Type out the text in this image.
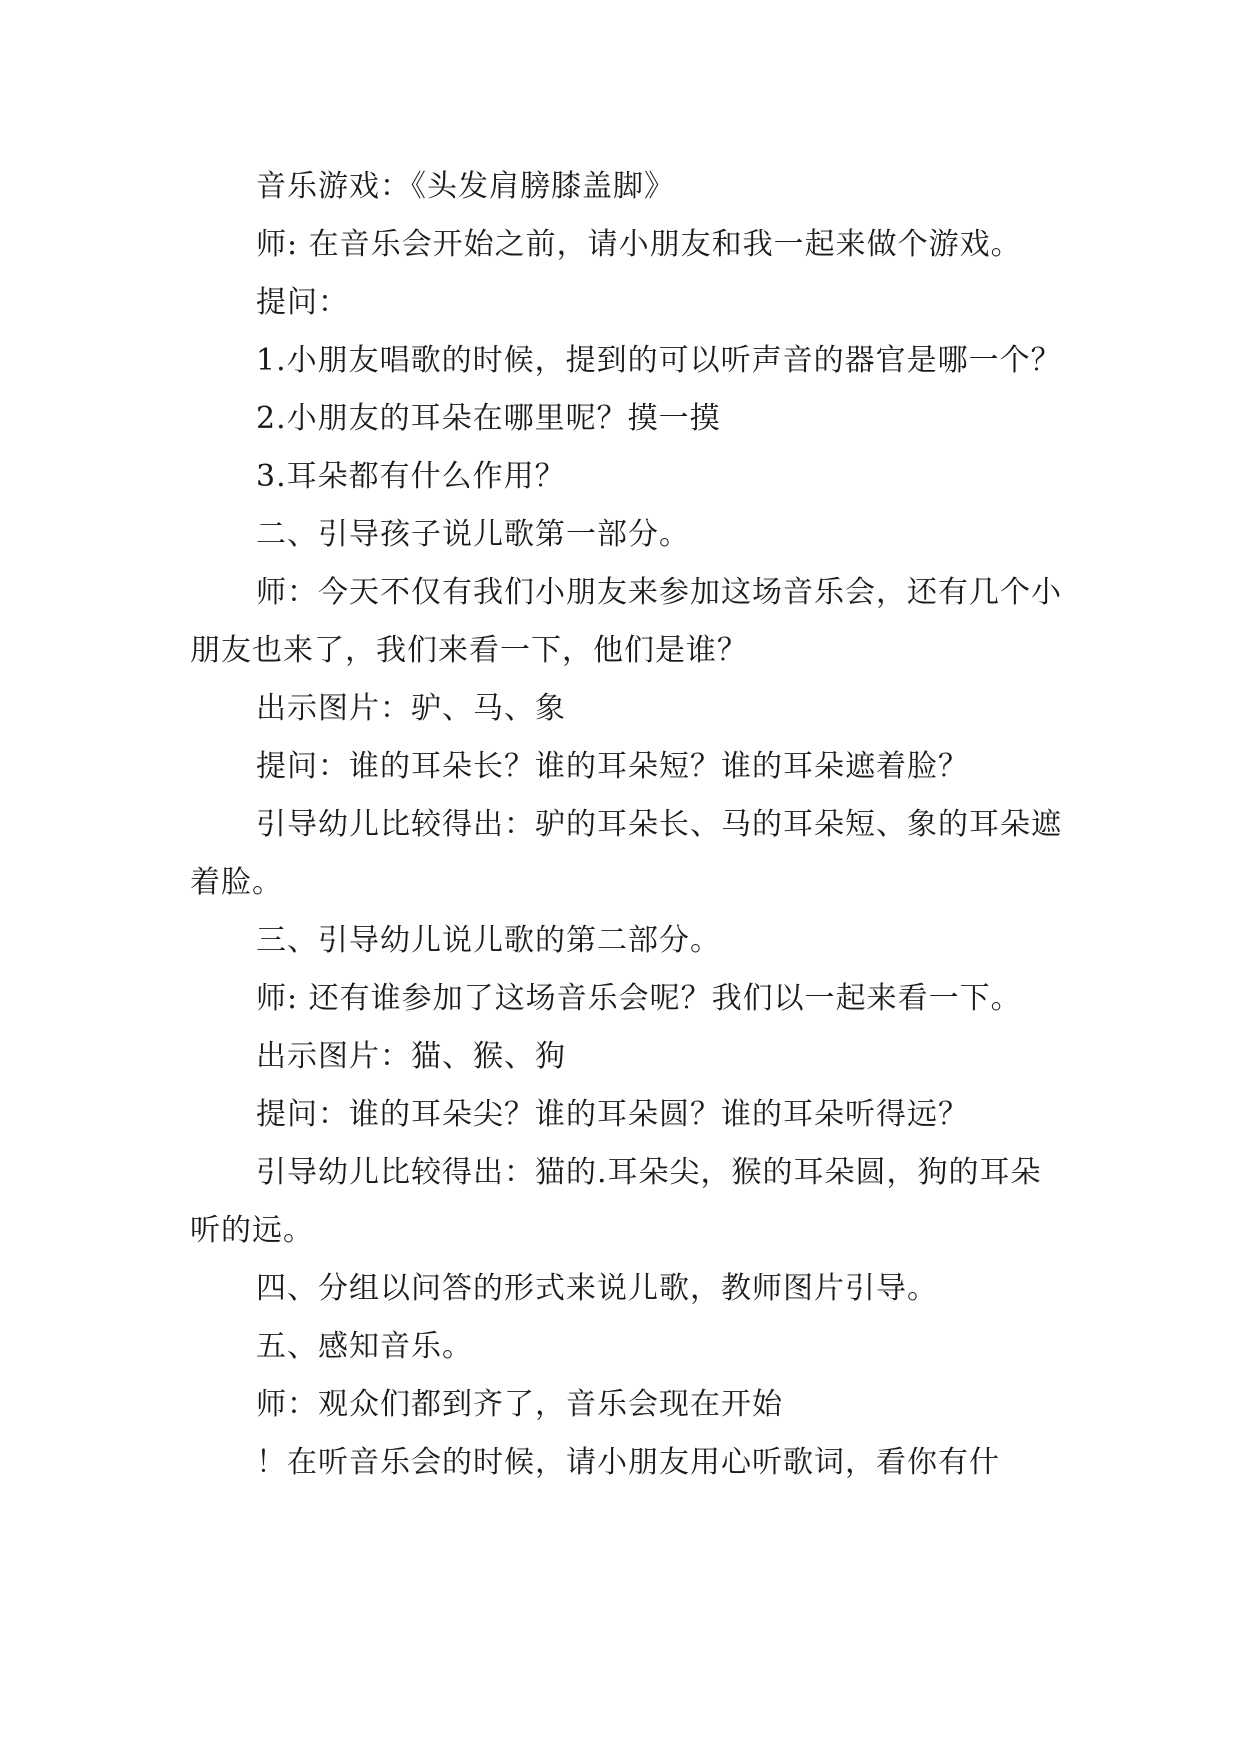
音乐游戏：《头发肩膀膝盖脚》

师: 在音乐会开始之前，请小朋友和我一起来做个游戏。

提问：

1.小朋友唱歌的时候，提到的可以听声音的器官是哪一个？

2.小朋友的耳朵在哪里呢？摸一摸

3.耳朵都有什么作用？

二、引导孩子说儿歌第一部分。

师：今天不仅有我们小朋友来参加这场音乐会，还有几个小朋友也来了，我们来看一下，他们是谁？

出示图片：驴、马、象

提问：谁的耳朵长？谁的耳朵短？谁的耳朵遮着脸？

引导幼儿比较得出：驴的耳朵长、马的耳朵短、象的耳朵遮着脸。

三、引导幼儿说儿歌的第二部分。

师: 还有谁参加了这场音乐会呢？我们以一起来看一下。

出示图片：猫、猴、狗

提问：谁的耳朵尖？谁的耳朵圆？谁的耳朵听得远？

引导幼儿比较得出：猫的.耳朵尖，猴的耳朵圆，狗的耳朵听的远。

四、分组以问答的形式来说儿歌，教师图片引导。

五、感知音乐。

师：观众们都到齐了，音乐会现在开始

！在听音乐会的时候，请小朋友用心听歌词，看你有什
